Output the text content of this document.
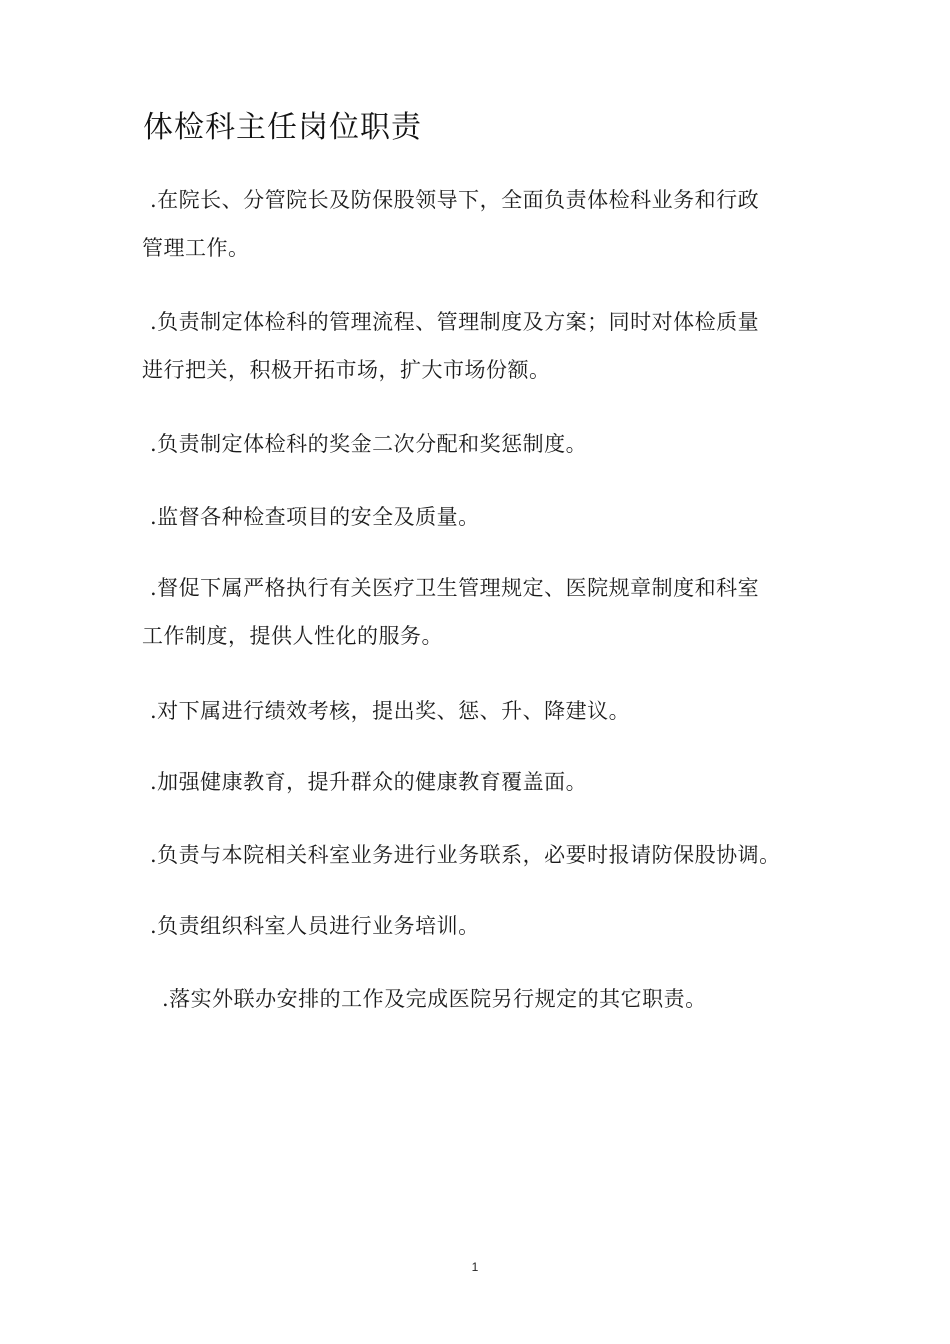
体检科主任岗位职责
.在院长、分管院长及防保股领导下，全面负责体检科业务和行政
管理工作。
.负责制定体检科的管理流程、管理制度及方案；同时对体检质量
进行把关，积极开拓市场，扩大市场份额。
.负责制定体检科的奖金二次分配和奖惩制度。
.监督各种检查项目的安全及质量。
.督促下属严格执行有关医疗卫生管理规定、医院规章制度和科室
工作制度，提供人性化的服务。
.对下属进行绩效考核，提出奖、惩、升、降建议。
.加强健康教育，提升群众的健康教育覆盖面。
.负责与本院相关科室业务进行业务联系，必要时报请防保股协调。
.负责组织科室人员进行业务培训。
.落实外联办安排的工作及完成医院另行规定的其它职责。
1
